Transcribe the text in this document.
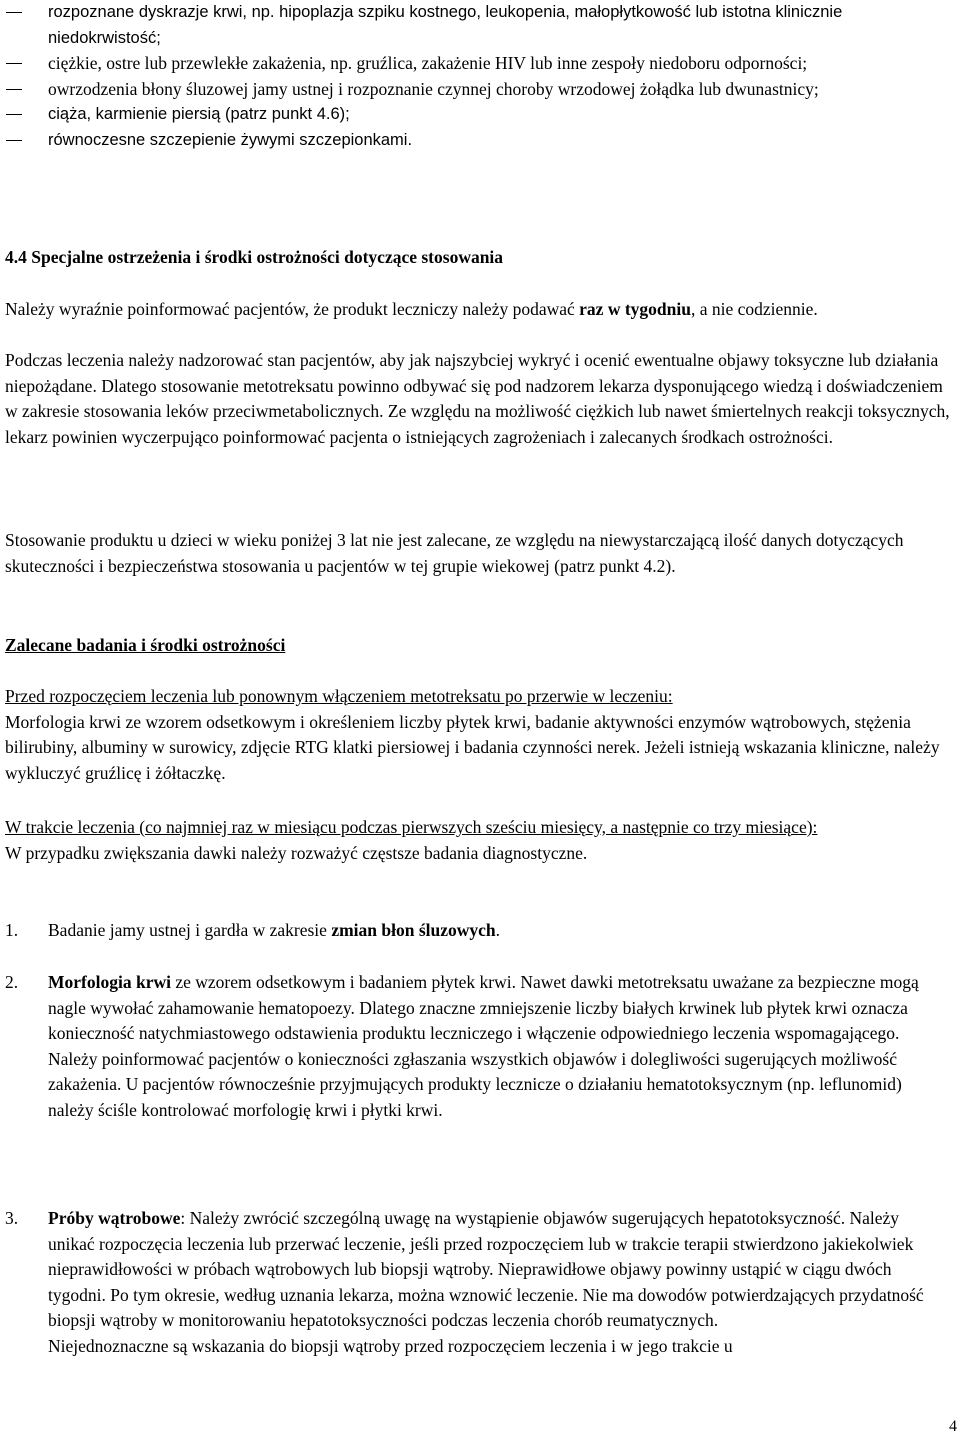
rozpoznane dyskrazje krwi, np. hipoplazja szpiku kostnego, leukopenia, małopłytkowość lub istotna klinicznie niedokrwistość;
ciężkie, ostre lub przewlekłe zakażenia, np. gruźlica, zakażenie HIV lub inne zespoły niedoboru odporności;
owrzodzenia błony śluzowej jamy ustnej i rozpoznanie czynnej choroby wrzodowej żołądka lub dwunastnicy;
ciąża, karmienie piersią (patrz punkt 4.6);
równoczesne szczepienie żywymi szczepionkami.

4.4 Specjalne ostrzeżenia i środki ostrożności dotyczące stosowania

Należy wyraźnie poinformować pacjentów, że produkt leczniczy należy podawać raz w tygodniu, a nie codziennie.

Podczas leczenia należy nadzorować stan pacjentów, aby jak najszybciej wykryć i ocenić ewentualne objawy toksyczne lub działania niepożądane. Dlatego stosowanie metotreksatu powinno odbywać się pod nadzorem lekarza dysponującego wiedzą i doświadczeniem w zakresie stosowania leków przeciwmetabolicznych. Ze względu na możliwość ciężkich lub nawet śmiertelnych reakcji toksycznych, lekarz powinien wyczerpująco poinformować pacjenta o istniejących zagrożeniach i zalecanych środkach ostrożności.

Stosowanie produktu u dzieci w wieku poniżej 3 lat nie jest zalecane, ze względu na niewystarczającą ilość danych dotyczących skuteczności i bezpieczeństwa stosowania u pacjentów w tej grupie wiekowej (patrz punkt 4.2).

Zalecane badania i środki ostrożności

Przed rozpoczęciem leczenia lub ponownym włączeniem metotreksatu po przerwie w leczeniu:
Morfologia krwi ze wzorem odsetkowym i określeniem liczby płytek krwi, badanie aktywności enzymów wątrobowych, stężenia bilirubiny, albuminy w surowicy, zdjęcie RTG klatki piersiowej i badania czynności nerek. Jeżeli istnieją wskazania kliniczne, należy wykluczyć gruźlicę i żółtaczkę.

W trakcie leczenia (co najmniej raz w miesiącu podczas pierwszych sześciu miesięcy, a następnie co trzy miesiące):
W przypadku zwiększania dawki należy rozważyć częstsze badania diagnostyczne.

1. Badanie jamy ustnej i gardła w zakresie zmian błon śluzowych.
2. Morfologia krwi ze wzorem odsetkowym i badaniem płytek krwi. Nawet dawki metotreksatu uważane za bezpieczne mogą nagle wywołać zahamowanie hematopoezy. Dlatego znaczne zmniejszenie liczby białych krwinek lub płytek krwi oznacza konieczność natychmiastowego odstawienia produktu leczniczego i włączenie odpowiedniego leczenia wspomagającego. Należy poinformować pacjentów o konieczności zgłaszania wszystkich objawów i dolegliwości sugerujących możliwość zakażenia. U pacjentów równocześnie przyjmujących produkty lecznicze o działaniu hematotoksycznym (np. leflunomid) należy ściśle kontrolować morfologię krwi i płytki krwi.
3. Próby wątrobowe: Należy zwrócić szczególną uwagę na wystąpienie objawów sugerujących hepatotoksyczność. Należy unikać rozpoczęcia leczenia lub przerwać leczenie, jeśli przed rozpoczęciem lub w trakcie terapii stwierdzono jakiekolwiek nieprawidłowości w próbach wątrobowych lub biopsji wątroby. Nieprawidłowe objawy powinny ustąpić w ciągu dwóch tygodni. Po tym okresie, według uznania lekarza, można wznowić leczenie. Nie ma dowodów potwierdzających przydatność biopsji wątroby w monitorowaniu hepatotoksyczności podczas leczenia chorób reumatycznych.
Niejednoznaczne są wskazania do biopsji wątroby przed rozpoczęciem leczenia i w jego trakcie u
4
